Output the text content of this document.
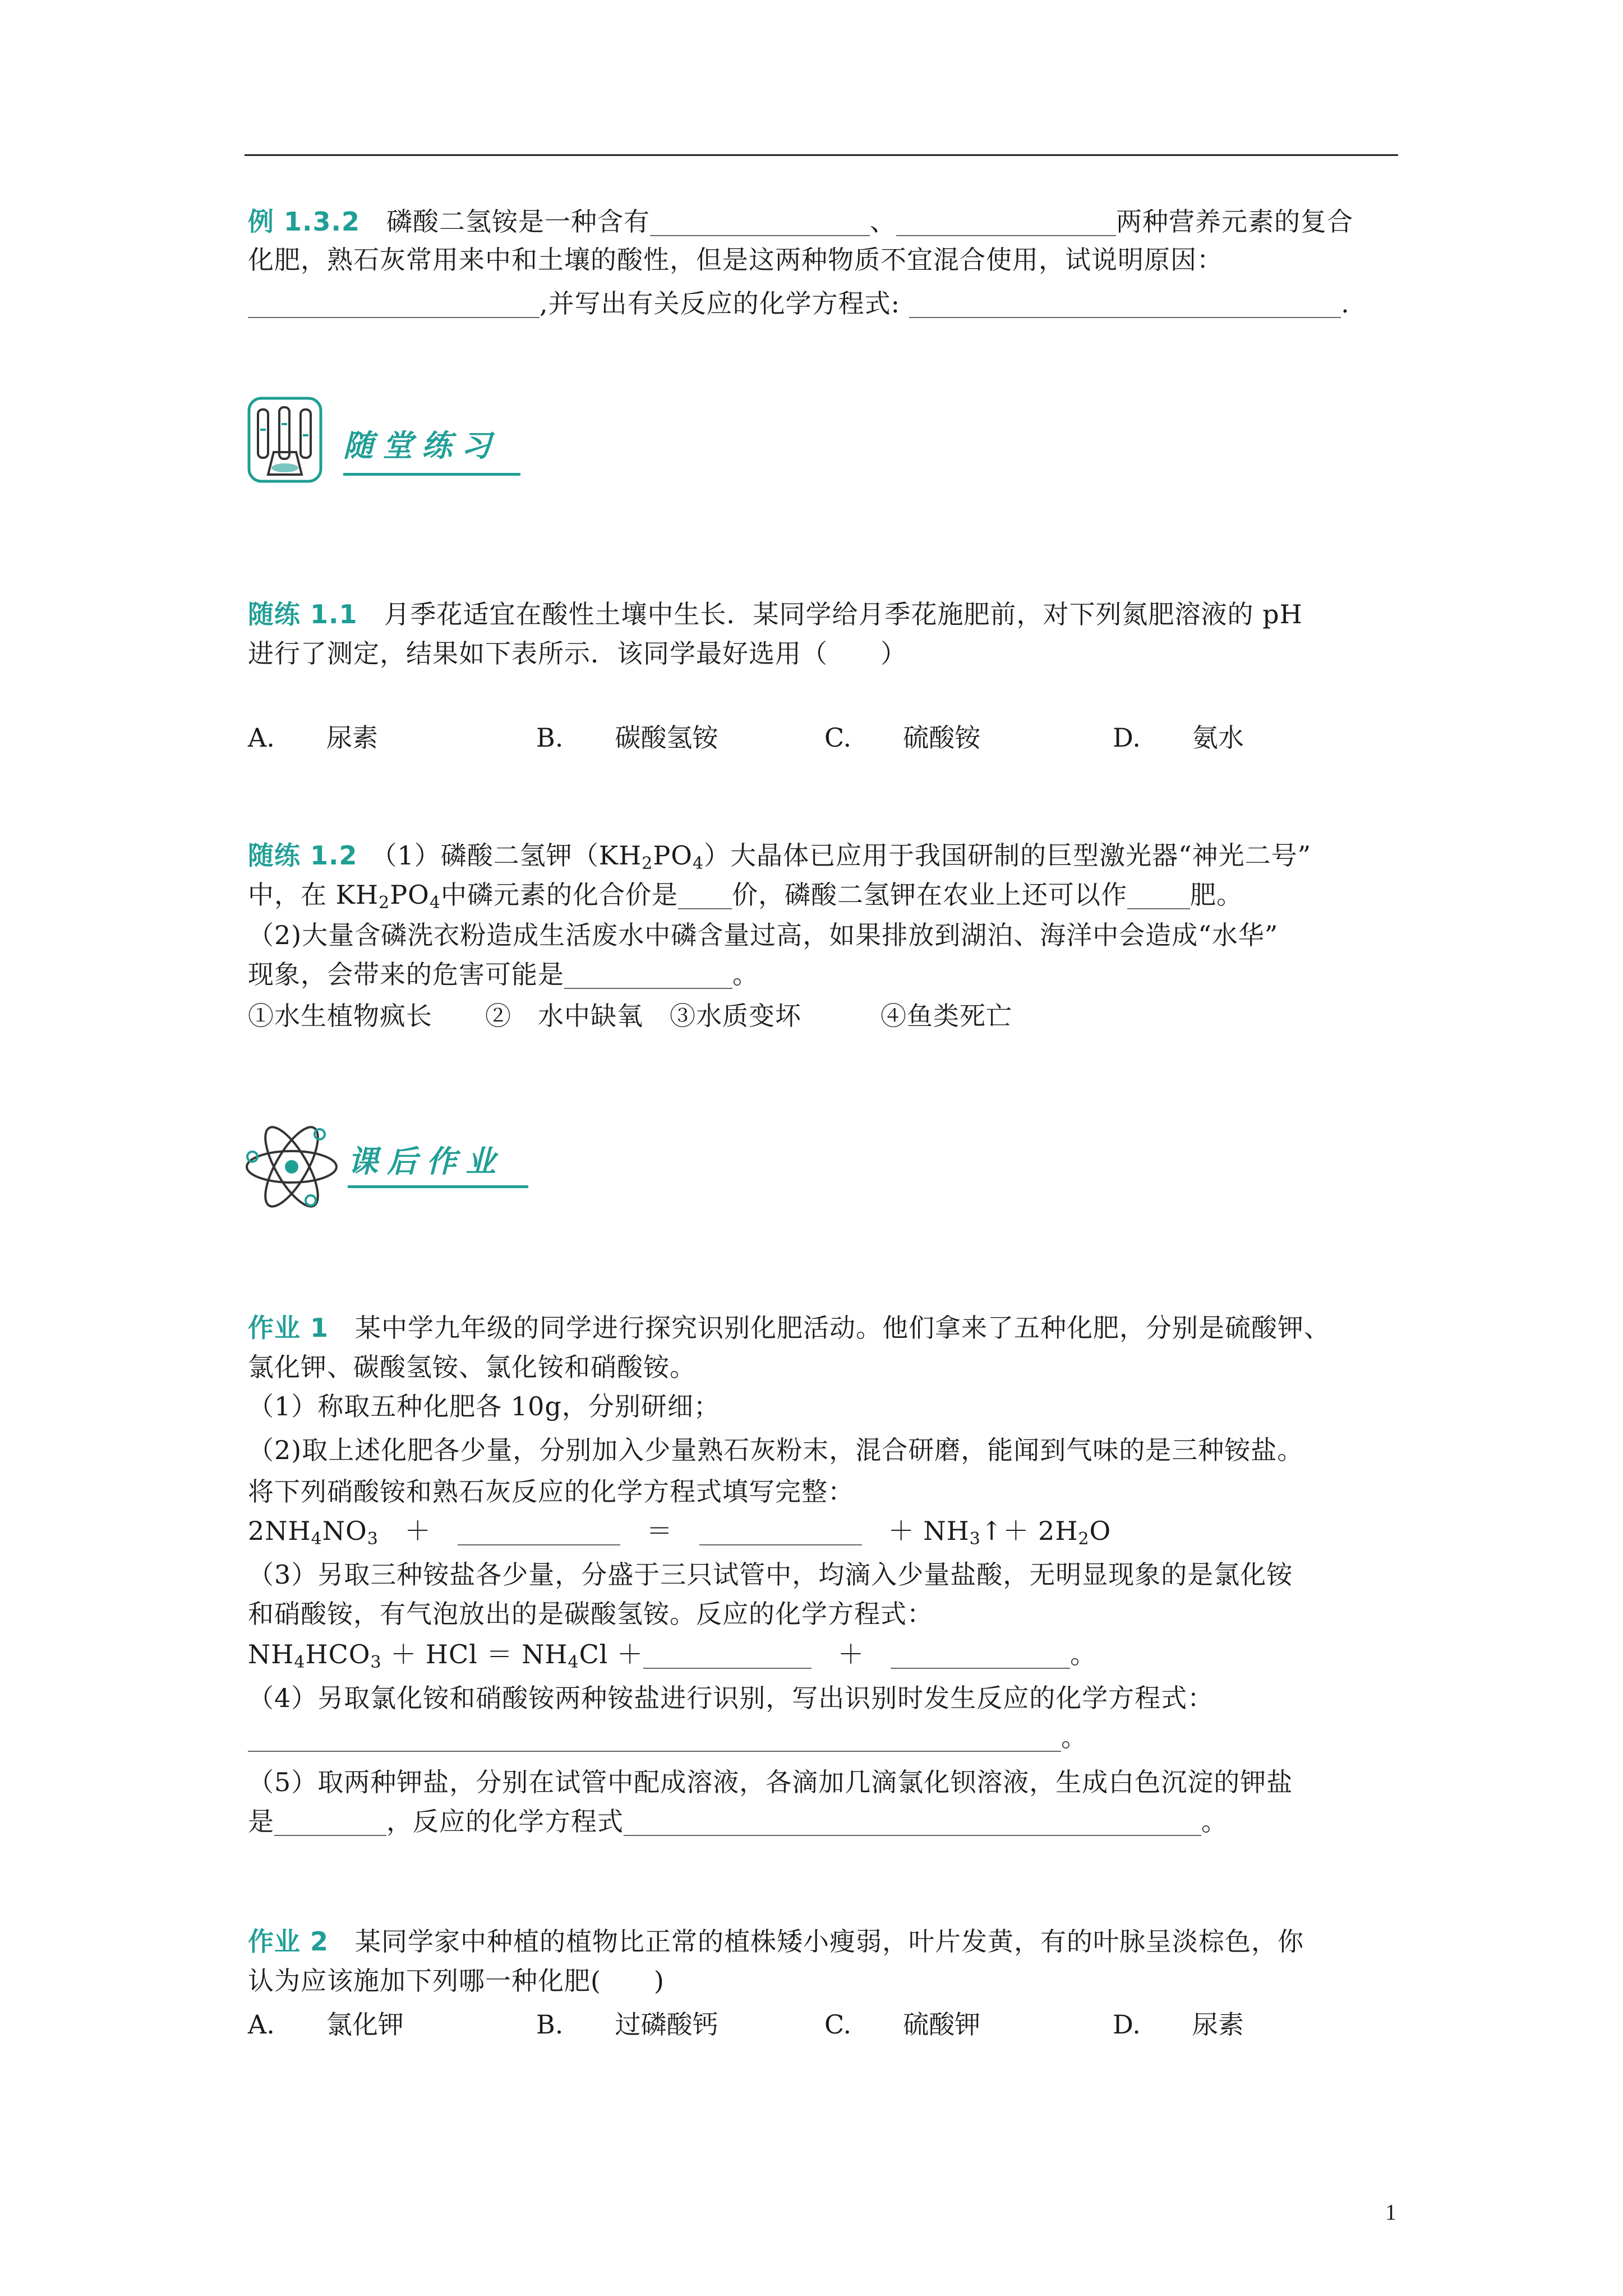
例 1.3.2　 磷酸二氢铵是一种含有	、	两种营养元素的复合
化肥，熟石灰常用来中和土壤的酸性，但是这两种物质不宜混合使用，试说明原因：
,并写出有关反应的化学方程式:	.
随堂练习
随练 1.1　 月季花适宜在酸性土壤中生长．某同学给月季花施肥前，对下列氮肥溶液的 pH
进行了测定，结果如下表所示．该同学最好选用（　　）
A.　　 尿素	B.　　 碳酸氢铵	C.　　 硫酸铵	D.　　 氨水
随练 1.2　 （1）磷酸二氢钾$(KH_2PO_4)$大晶体已应用于我国研制的巨型激光器“神光二号”
中，在 $KH_2PO_4$中磷元素的化合价是 价，磷酸二氢钾在农业上还可以作 肥。
（2)大量含磷洗衣粉造成生活废水中磷含量过高，如果排放到湖泊、海洋中会造成“水华”
现象，会带来的危害可能是	。
①水生植物疯长　　②　水中缺氧　③水质变坏　　　④鱼类死亡
课后作业
作业 1　 某中学九年级的同学进行探究识别化肥活动。他们拿来了五种化肥，分别是硫酸钾、
氯化钾、碳酸氢铵、氯化铵和硝酸铵。
（1）称取五种化肥各 10g，分别研细；
（2)取上述化肥各少量，分别加入少量熟石灰粉末，混合研磨，能闻到气味的是三种铵盐。
将下列硝酸铵和熟石灰反应的化学方程式填写完整：
$2NH_4NO_3$　＋　	　＝　	　＋ $NH_3↑+ 2H_2O$
（3）另取三种铵盐各少量，分盛于三只试管中，均滴入少量盐酸，无明显现象的是氯化铵
和硝酸铵，有气泡放出的是碳酸氢铵。反应的化学方程式：
$NH_4HCO_3$ ＋ HCl ＝ $NH_4Cl$ ＋	　＋　	。
（4）另取氯化铵和硝酸铵两种铵盐进行识别，写出识别时发生反应的化学方程式：
。
（5）取两种钾盐，分别在试管中配成溶液，各滴加几滴氯化钡溶液，生成白色沉淀的钾盐
是	，反应的化学方程式	。
作业 2　 某同学家中种植的植物比正常的植株矮小瘦弱，叶片发黄，有的叶脉呈淡棕色，你
认为应该施加下列哪一种化肥(　　)
A.　　 氯化钾	B.　　 过磷酸钙	C.　　 硫酸钾	D.　　 尿素
1
